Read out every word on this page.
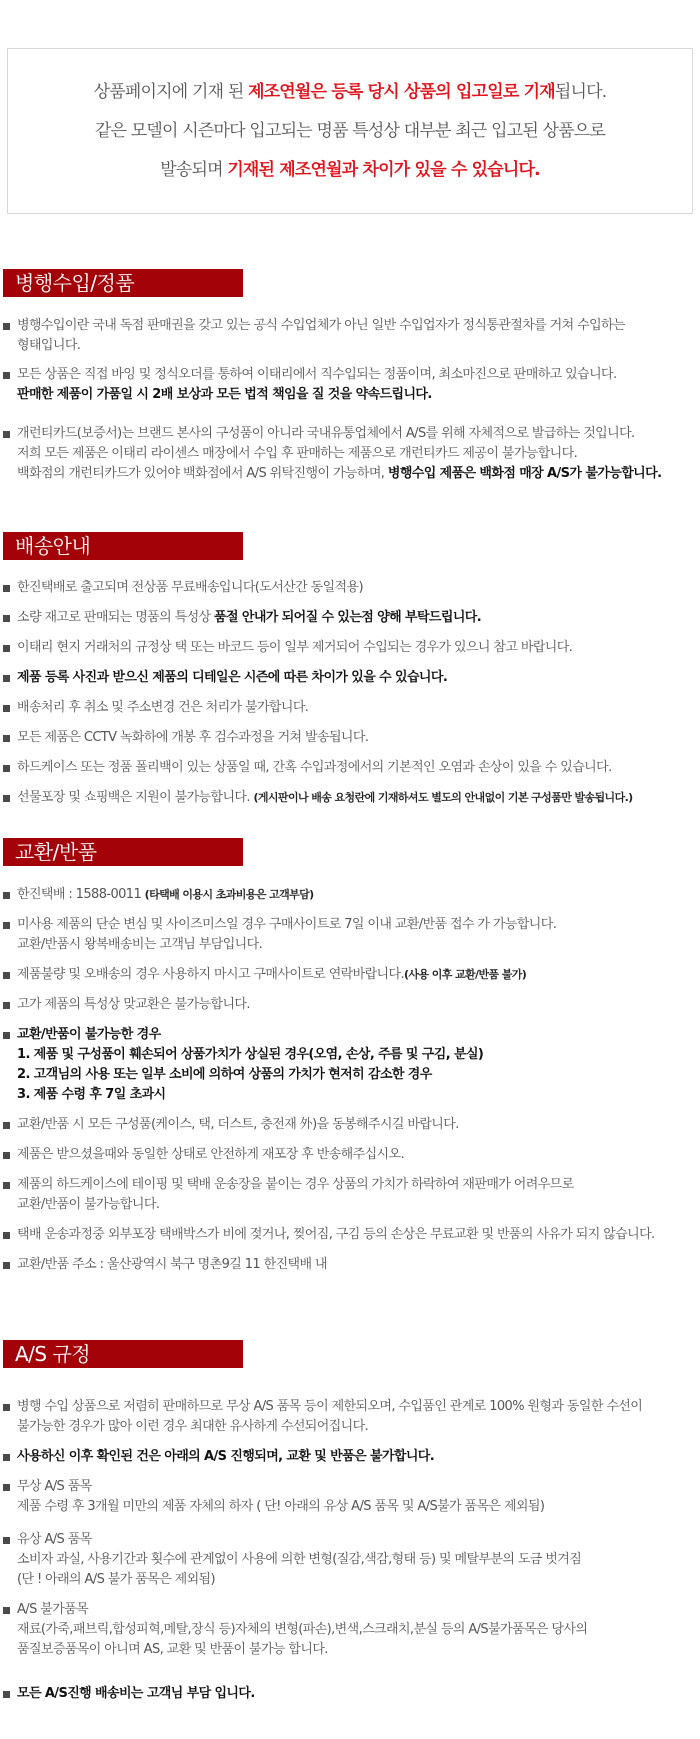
상품페이지에 기재 된 제조연월은 등록 당시 상품의 입고일로 기재됩니다.
같은 모델이 시즌마다 입고되는 명품 특성상 대부분 최근 입고된 상품으로
발송되며 기재된 제조연월과 차이가 있을 수 있습니다.
병행수입/정품
병행수입이란 국내 독점 판매권을 갖고 있는 공식 수입업체가 아닌 일반 수입업자가 정식통관절차를 거쳐 수입하는
형태입니다.
모든 상품은 직접 바잉 및 정식오더를 통하여 이태리에서 직수입되는 정품이며, 최소마진으로 판매하고 있습니다.
판매한 제품이 가품일 시 2배 보상과 모든 법적 책임을 질 것을 약속드립니다.
개런티카드(보증서)는 브랜드 본사의 구성품이 아니라 국내유통업체에서 A/S를 위해 자체적으로 발급하는 것입니다.
저희 모든 제품은 이태리 라이센스 매장에서 수입 후 판매하는 제품으로 개런티카드 제공이 불가능합니다.
백화점의 개런티카드가 있어야 백화점에서 A/S 위탁진행이 가능하며, 병행수입 제품은 백화점 매장 A/S가 불가능합니다.
배송안내
한진택배로 출고되며 전상품 무료배송입니다(도서산간 동일적용)
소량 재고로 판매되는 명품의 특성상 품절 안내가 되어질 수 있는점 양해 부탁드립니다.
이태리 현지 거래처의 규정상 택 또는 바코드 등이 일부 제거되어 수입되는 경우가 있으니 참고 바랍니다.
제품 등록 사진과 받으신 제품의 디테일은 시즌에 따른 차이가 있을 수 있습니다.
배송처리 후 취소 및 주소변경 건은 처리가 불가합니다.
모든 제품은 CCTV 녹화하에 개봉 후 검수과정을 거쳐 발송됩니다.
하드케이스 또는 정품 폴리백이 있는 상품일 때, 간혹 수입과정에서의 기본적인 오염과 손상이 있을 수 있습니다.
선물포장 및 쇼핑백은 지원이 불가능합니다. (게시판이나 배송 요청란에 기재하셔도 별도의 안내없이 기본 구성품만 발송됩니다.)
교환/반품
한진택배 : 1588-0011 (타택배 이용시 초과비용은 고객부담)
미사용 제품의 단순 변심 및 사이즈미스일 경우 구매사이트로 7일 이내 교환/반품 접수 가 가능합니다.
교환/반품시 왕복배송비는 고객님 부담입니다.
제품불량 및 오배송의 경우 사용하지 마시고 구매사이트로 연락바랍니다.(사용 이후 교환/반품 불가)
고가 제품의 특성상 맞교환은 불가능합니다.
교환/반품이 불가능한 경우
1. 제품 및 구성품이 훼손되어 상품가치가 상실된 경우(오염, 손상, 주름 및 구김, 분실)
2. 고객님의 사용 또는 일부 소비에 의하여 상품의 가치가 현저히 감소한 경우
3. 제품 수령 후 7일 초과시
교환/반품 시 모든 구성품(케이스, 택, 더스트, 충전재 外)을 동봉해주시길 바랍니다.
제품은 받으셨을때와 동일한 상태로 안전하게 재포장 후 반송해주십시오.
제품의 하드케이스에 테이핑 및 택배 운송장을 붙이는 경우 상품의 가치가 하락하여 재판매가 어려우므로
교환/반품이 불가능합니다.
택배 운송과정중 외부포장 택배박스가 비에 젖거나, 찢어짐, 구김 등의 손상은 무료교환 및 반품의 사유가 되지 않습니다.
교환/반품 주소 : 울산광역시 북구 명촌9길 11 한진택배 내
A/S 규정
병행 수입 상품으로 저렴히 판매하므로 무상 A/S 품목 등이 제한되오며, 수입품인 관계로 100% 원형과 동일한 수선이
불가능한 경우가 많아 이런 경우 최대한 유사하게 수선되어집니다.
사용하신 이후 확인된 건은 아래의 A/S 진행되며, 교환 및 반품은 불가합니다.
무상 A/S 품목
제품 수령 후 3개월 미만의 제품 자체의 하자 ( 단! 아래의 유상 A/S 품목 및 A/S불가 품목은 제외됨)
유상 A/S 품목
소비자 과실, 사용기간과 횟수에 관계없이 사용에 의한 변형(질감,색감,형태 등) 및 메탈부분의 도금 벗겨짐
(단 ! 아래의 A/S 불가 품목은 제외됨)
A/S 불가품목
재료(가죽,패브릭,합성피혁,메탈,장식 등)자체의 변형(파손),변색,스크래치,분실 등의 A/S불가품목은 당사의
품질보증품목이 아니며 AS, 교환 및 반품이 불가능 합니다.
모든 A/S진행 배송비는 고객님 부담 입니다.
